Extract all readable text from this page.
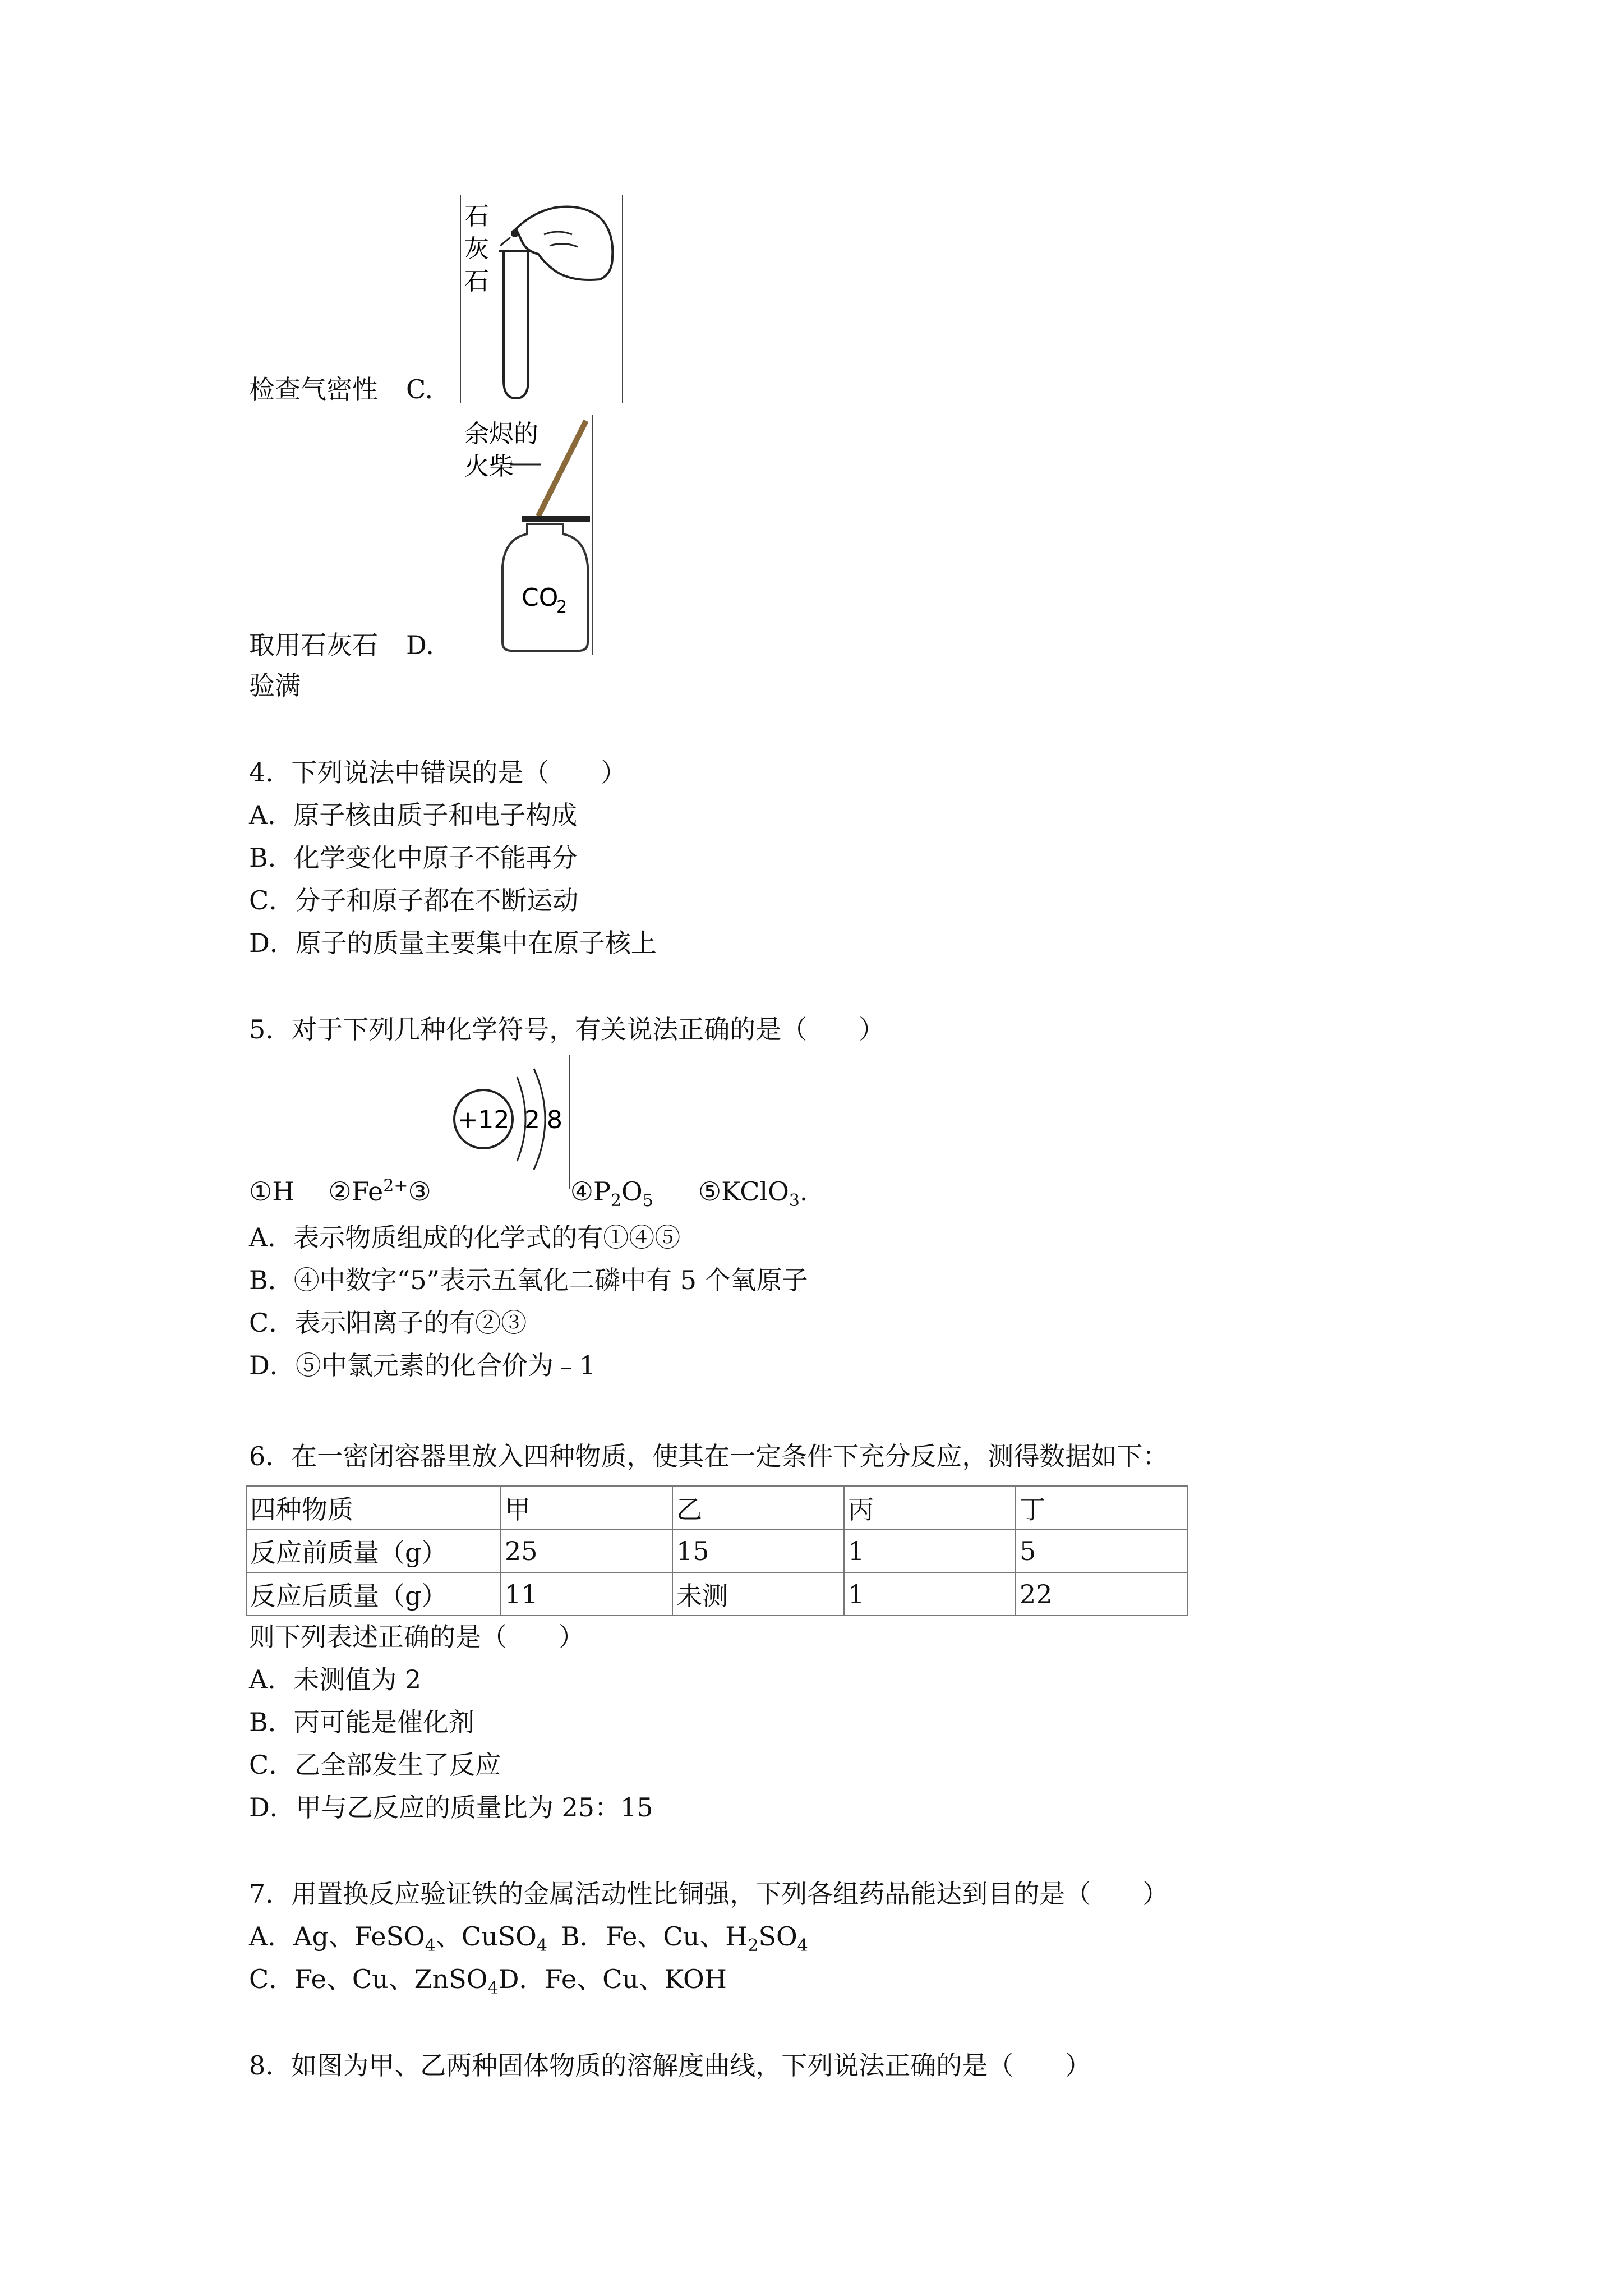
石
灰
石
检查气密性 C.
余烬的
火柴
CO
2
取用石灰石 D.
验满
4．下列说法中错误的是（　　）
A．原子核由质子和电子构成
B．化学变化中原子不能再分
C．分子和原子都在不断运动
D．原子的质量主要集中在原子核上
5．对于下列几种化学符号，有关说法正确的是（　　）
+12 2 8
①H $②Fe^{2+}③$	$④P_2O_5$ ⑤KClO$_3$.
A．表示物质组成的化学式的有①④⑤
B．④中数字“5”表示五氧化二磷中有 5 个氧原子
C．表示阳离子的有②③
D．⑤中氯元素的化合价为﹣1
6．在一密闭容器里放入四种物质，使其在一定条件下充分反应，测得数据如下：
四种物质	甲	乙	丙	丁
反应前质量（g）	25	15	1	5
反应后质量（g）	11	未测	1	22
则下列表述正确的是（　　）
A．未测值为 2
B．丙可能是催化剂
C．乙全部发生了反应
D．甲与乙反应的质量比为 25：15
7．用置换反应验证铁的金属活动性比铜强，下列各组药品能达到目的是（　　）
A．Ag、FeSO$_4$、CuSO$_4$ B．Fe、Cu、$H_2SO_4$
C．Fe、Cu、ZnSO$_4$D．Fe、Cu、KOH
8．如图为甲、乙两种固体物质的溶解度曲线，下列说法正确的是（　　）
